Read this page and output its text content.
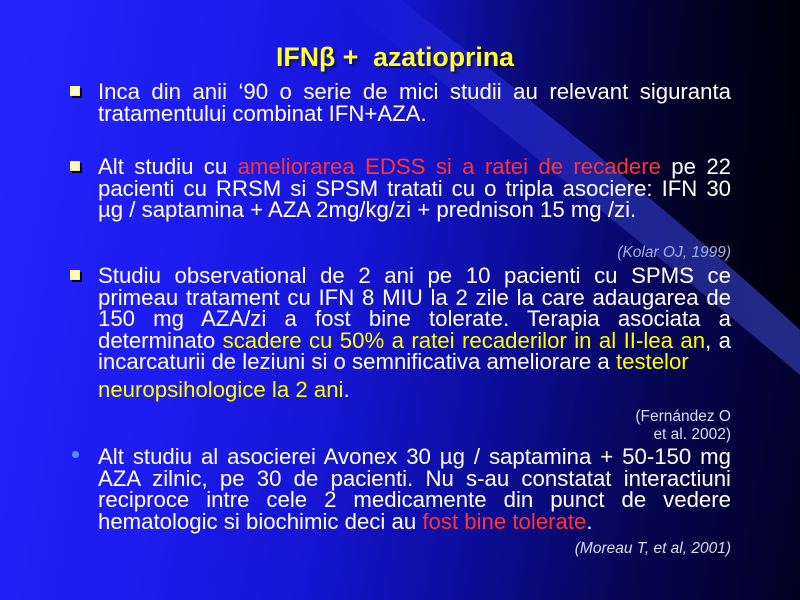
IFNβ +  azatioprina
Inca din anii ‘90 o serie de mici studii au relevant siguranta
tratamentului combinat IFN+AZA.
Alt studiu cu ameliorarea EDSS si a ratei de recadere pe 22
pacienti cu RRSM si SPSM tratati cu o tripla asociere: IFN 30
µg / saptamina + AZA 2mg/kg/zi + prednison 15 mg /zi.
(Kolar OJ, 1999)
Studiu observational de 2 ani pe 10 pacienti cu SPMS ce
primeau tratament cu IFN 8 MIU la 2 zile la care adaugarea de
150 mg AZA/zi a fost bine tolerate. Terapia asociata a
determinato scadere cu 50% a ratei recaderilor in al II-lea an, a
incarcaturii de leziuni si o semnificativa ameliorare a testelor
neuropsihologice la 2 ani.
(Fernández O
et al. 2002)
Alt studiu al asocierei Avonex 30 µg / saptamina + 50-150 mg
AZA zilnic, pe 30 de pacienti. Nu s-au constatat interactiuni
reciproce intre cele 2 medicamente din punct de vedere
hematologic si biochimic deci au fost bine tolerate.
(Moreau T, et al, 2001)
